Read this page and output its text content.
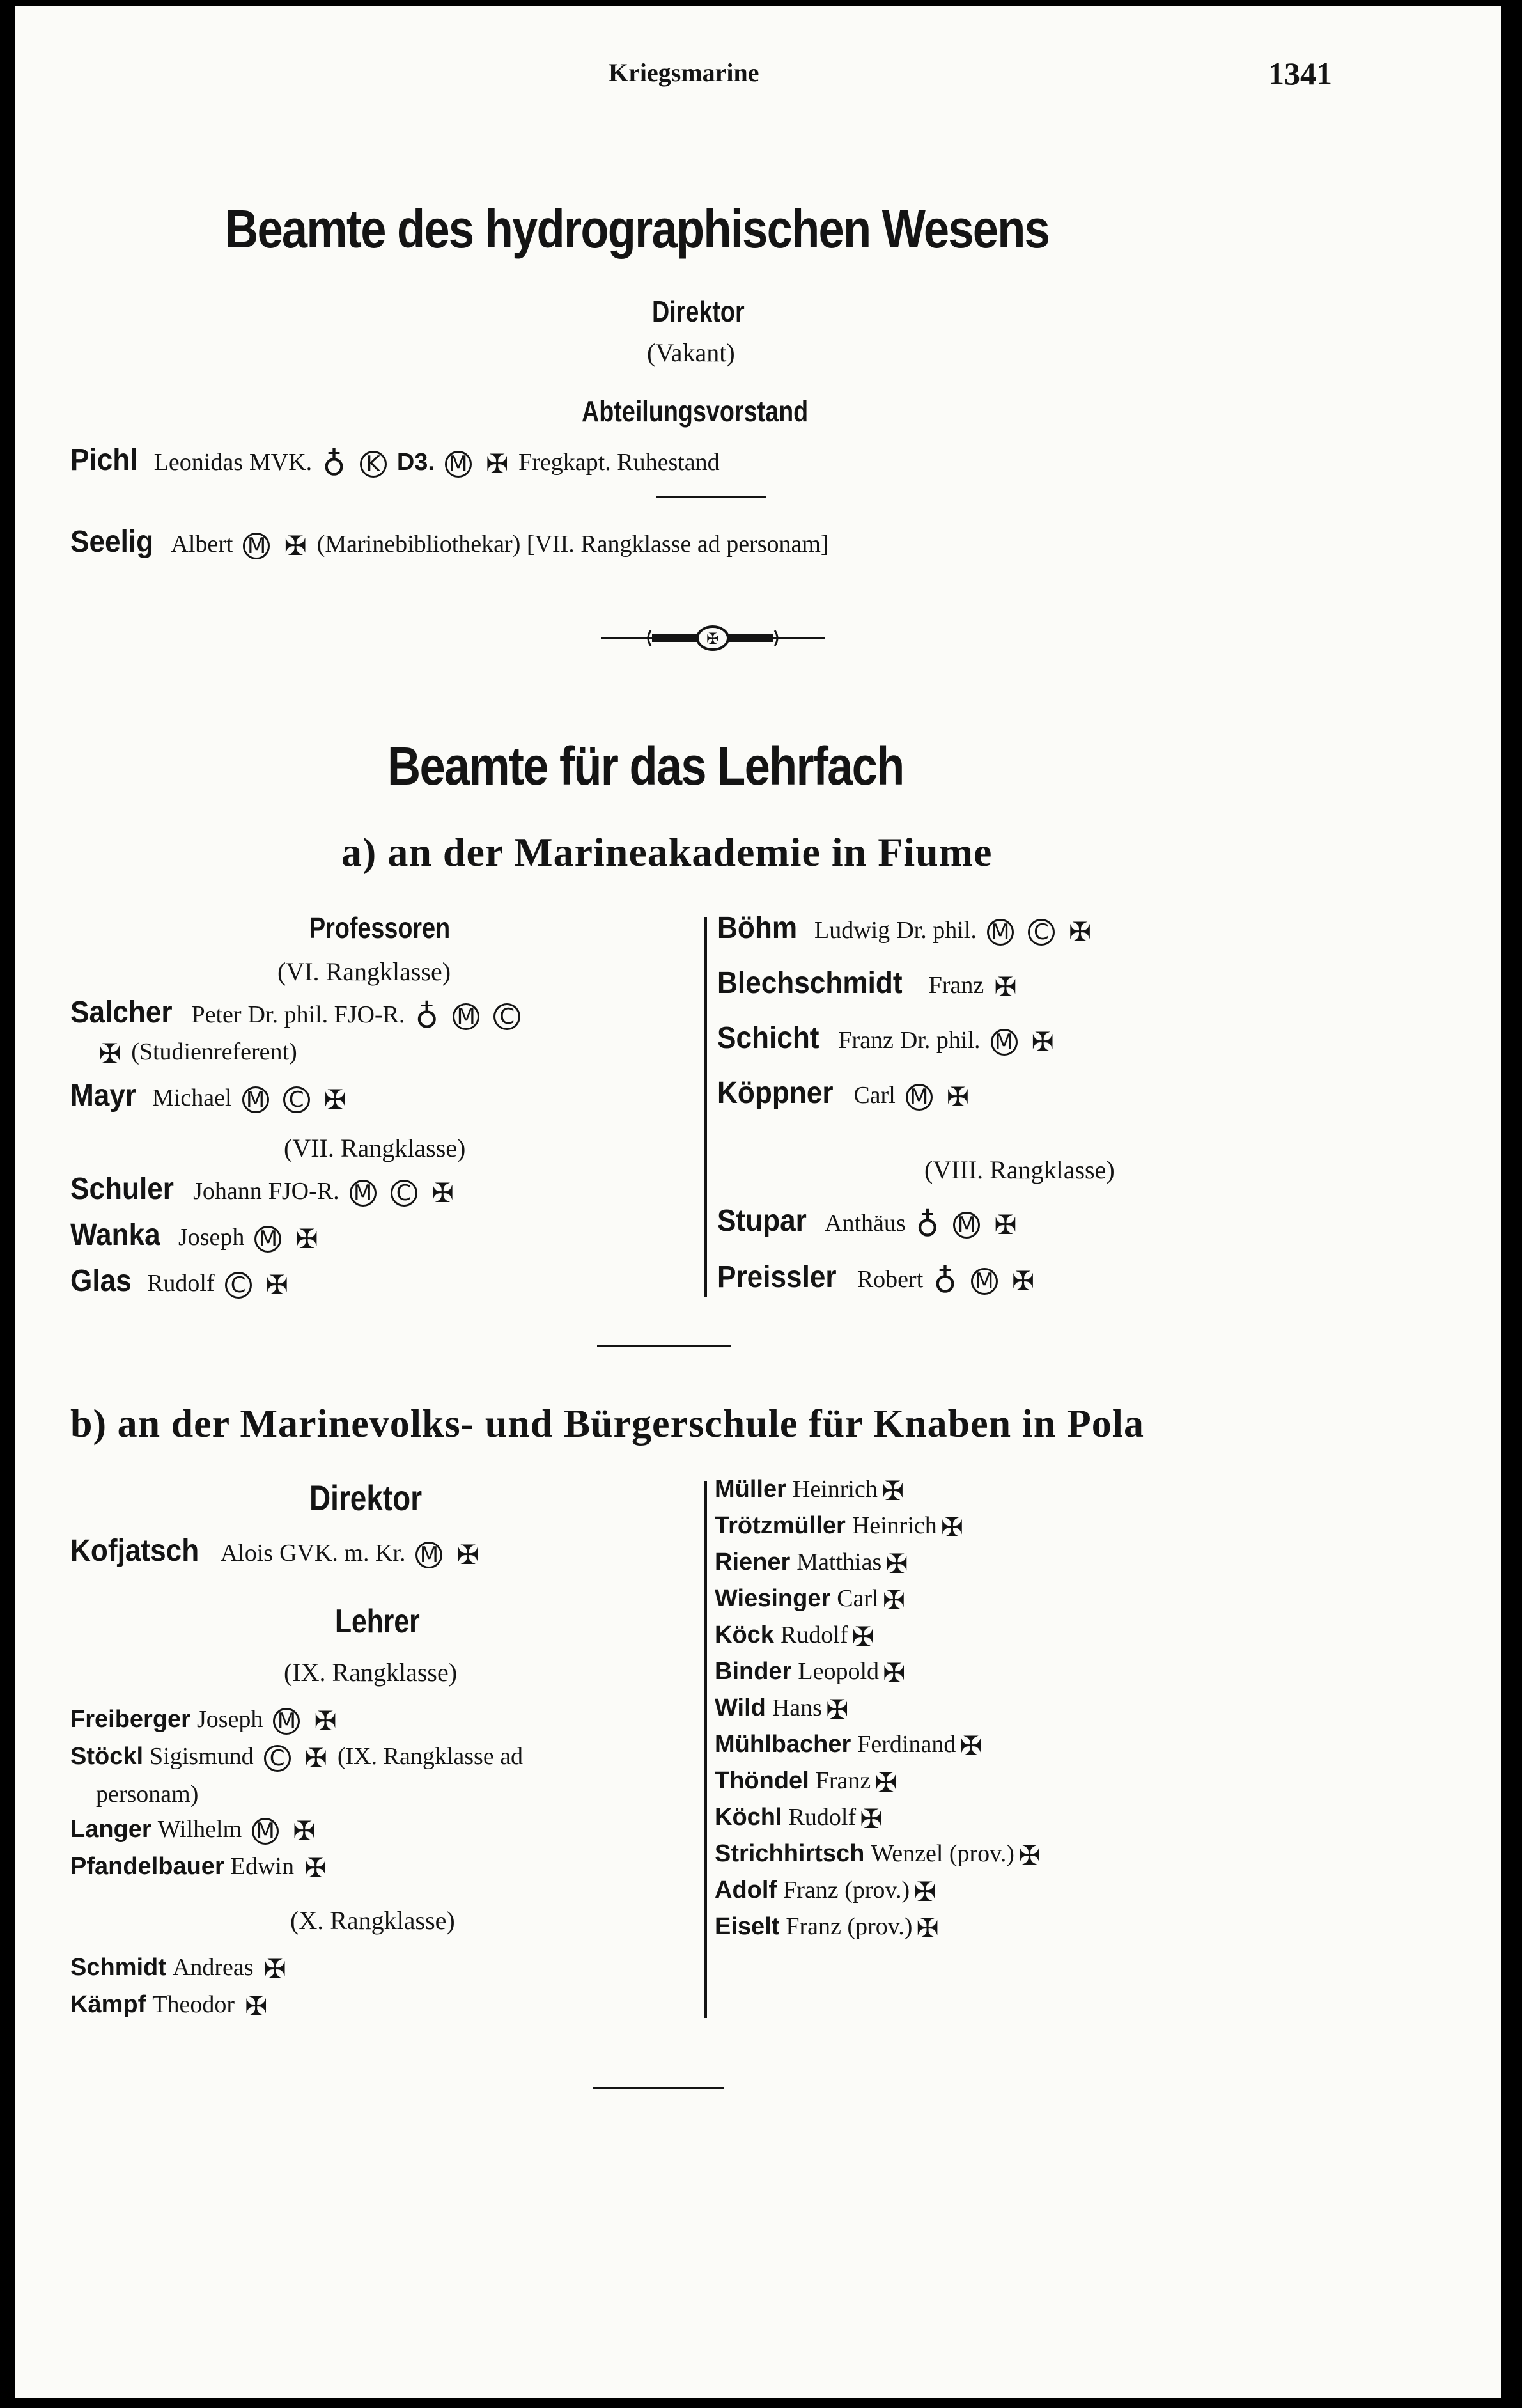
Kriegsmarine	1341
Beamte des hydrographischen Wesens
Direktor
(Vakant)
Abteilungsvorstand
Pichl Leonidas MVK. ♁ K D3. M ✠ Fregkapt. Ruhestand
Seelig Albert M ✠ (Marinebibliothekar) [VII. Rangklasse ad personam]
✠
Beamte für das Lehrfach
a) an der Marineakademie in Fiume
Professoren
(VI. Rangklasse)
Salcher Peter Dr. phil. FJO-R. ♁ M C
✠ (Studienreferent)
Mayr Michael M C ✠
(VII. Rangklasse)
Schuler Johann FJO-R. M C ✠
Wanka Joseph M ✠
Glas Rudolf C ✠
Böhm Ludwig Dr. phil. M C ✠
Blechschmidt Franz ✠
Schicht Franz Dr. phil. M ✠
Köppner Carl M ✠
(VIII. Rangklasse)
Stupar Anthäus ♁ M ✠
Preissler Robert ♁ M ✠
b) an der Marinevolks- und Bürgerschule für Knaben in Pola
Direktor
Kofjatsch Alois GVK. m. Kr. M ✠
Lehrer
(IX. Rangklasse)
Freiberger Joseph M ✠
Stöckl Sigismund C ✠ (IX. Rangklasse ad
personam)
Langer Wilhelm M ✠
Pfandelbauer Edwin ✠
(X. Rangklasse)
Schmidt Andreas ✠
Kämpf Theodor ✠
Müller Heinrich ✠
Trötzmüller Heinrich ✠
Riener Matthias ✠
Wiesinger Carl ✠
Köck Rudolf ✠
Binder Leopold ✠
Wild Hans ✠
Mühlbacher Ferdinand ✠
Thöndel Franz ✠
Köchl Rudolf ✠
Strichhirtsch Wenzel (prov.) ✠
Adolf Franz (prov.) ✠
Eiselt Franz (prov.) ✠
